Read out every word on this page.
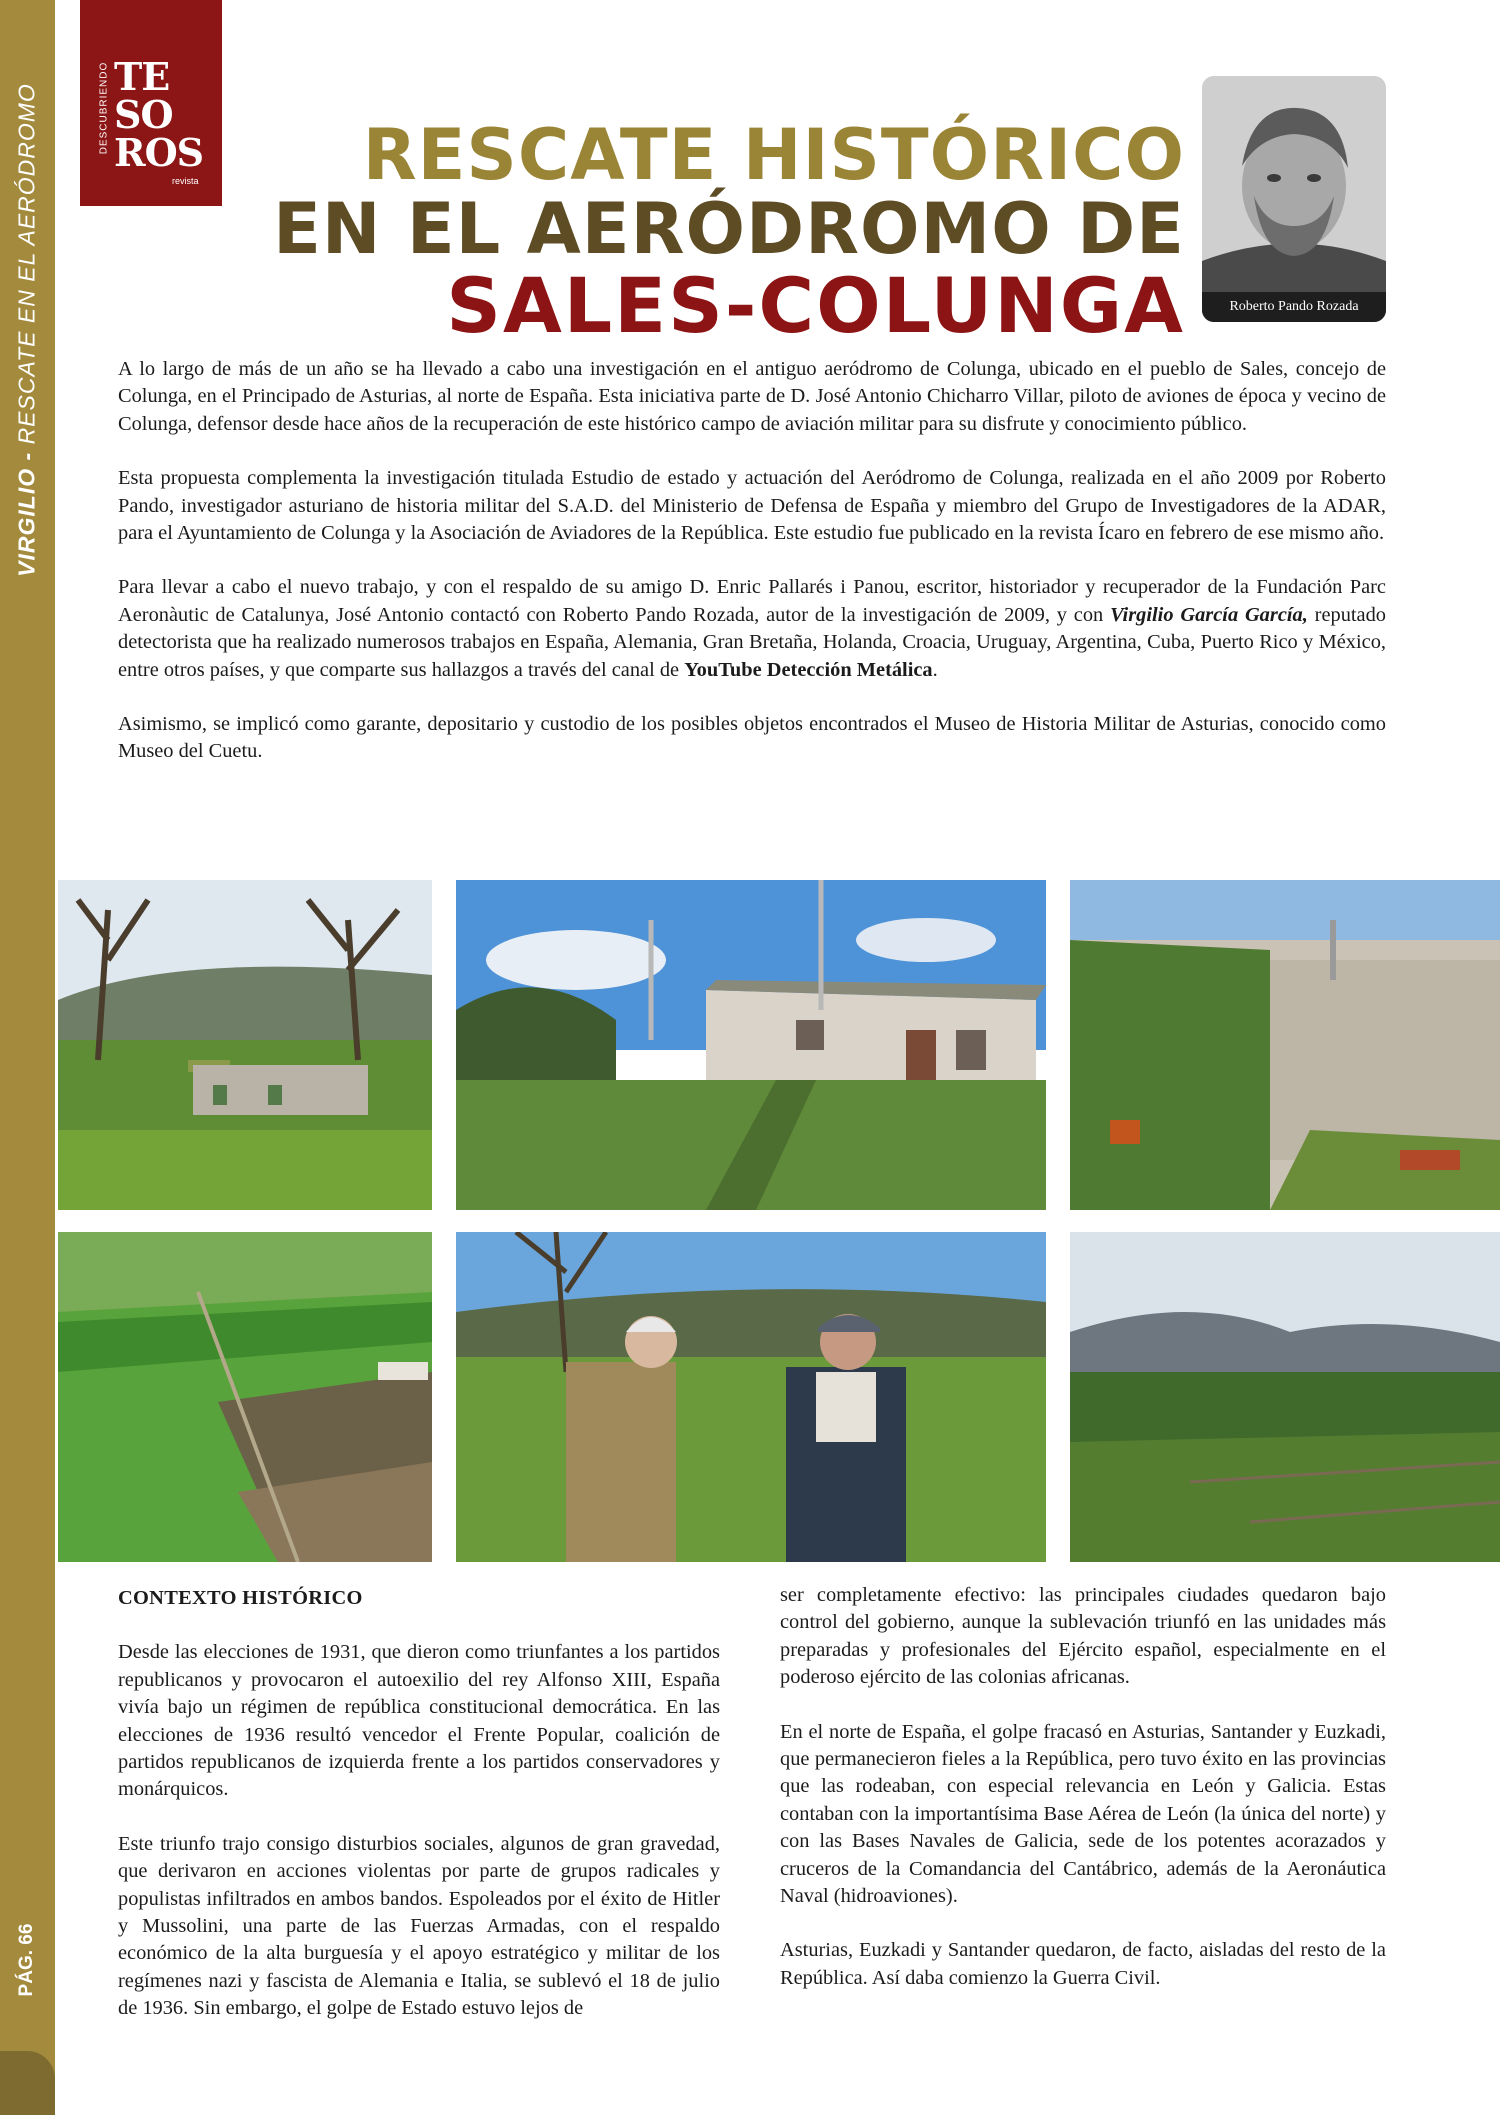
VIRGILIO - RESCATE EN EL AERÓDROMO
PÁG. 66
DESCUBRIENDO TE
SO
ROS
revista	RESCATE HISTÓRICO
EN EL AERÓDROMO DE
SALES-COLUNGA	Roberto Pando Rozada

A lo largo de más de un año se ha llevado a cabo una investigación en el antiguo aeródromo de Colunga, ubicado en el pueblo de Sales, concejo de Colunga, en el Principado de Asturias, al norte de España. Esta iniciativa parte de D. José Antonio Chicharro Villar, piloto de aviones de época y vecino de Colunga, defensor desde hace años de la recuperación de este histórico campo de aviación militar para su disfrute y conocimiento público.

Esta propuesta complementa la investigación titulada Estudio de estado y actuación del Aeródromo de Colunga, realizada en el año 2009 por Roberto Pando, investigador asturiano de historia militar del S.A.D. del Ministerio de Defensa de España y miembro del Grupo de Investigadores de la ADAR, para el Ayuntamiento de Colunga y la Asociación de Aviadores de la República. Este estudio fue publicado en la revista Ícaro en febrero de ese mismo año.

Para llevar a cabo el nuevo trabajo, y con el respaldo de su amigo D. Enric Pallarés i Panou, escritor, historiador y recuperador de la Fundación Parc Aeronàutic de Catalunya, José Antonio contactó con Roberto Pando Rozada, autor de la investigación de 2009, y con Virgilio García García, reputado detectorista que ha realizado numerosos trabajos en España, Alemania, Gran Bretaña, Holanda, Croacia, Uruguay, Argentina, Cuba, Puerto Rico y México, entre otros países, y que comparte sus hallazgos a través del canal de YouTube Detección Metálica.

Asimismo, se implicó como garante, depositario y custodio de los posibles objetos encontrados el Museo de Historia Militar de Asturias, conocido como Museo del Cuetu.

CONTEXTO HISTÓRICO

Desde las elecciones de 1931, que dieron como triunfantes a los partidos republicanos y provocaron el autoexilio del rey Alfonso XIII, España vivía bajo un régimen de república constitucional democrática. En las elecciones de 1936 resultó vencedor el Frente Popular, coalición de partidos republicanos de izquierda frente a los partidos conservadores y monárquicos.

Este triunfo trajo consigo disturbios sociales, algunos de gran gravedad, que derivaron en acciones violentas por parte de grupos radicales y populistas infiltrados en ambos bandos. Espoleados por el éxito de Hitler y Mussolini, una parte de las Fuerzas Armadas, con el respaldo económico de la alta burguesía y el apoyo estratégico y militar de los regímenes nazi y fascista de Alemania e Italia, se sublevó el 18 de julio de 1936. Sin embargo, el golpe de Estado estuvo lejos de

ser completamente efectivo: las principales ciudades quedaron bajo control del gobierno, aunque la sublevación triunfó en las unidades más preparadas y profesionales del Ejército español, especialmente en el poderoso ejército de las colonias africanas.

En el norte de España, el golpe fracasó en Asturias, Santander y Euzkadi, que permanecieron fieles a la República, pero tuvo éxito en las provincias que las rodeaban, con especial relevancia en León y Galicia. Estas contaban con la importantísima Base Aérea de León (la única del norte) y con las Bases Navales de Galicia, sede de los potentes acorazados y cruceros de la Comandancia del Cantábrico, además de la Aeronáutica Naval (hidroaviones).

Asturias, Euzkadi y Santander quedaron, de facto, aisladas del resto de la República. Así daba comienzo la Guerra Civil.
